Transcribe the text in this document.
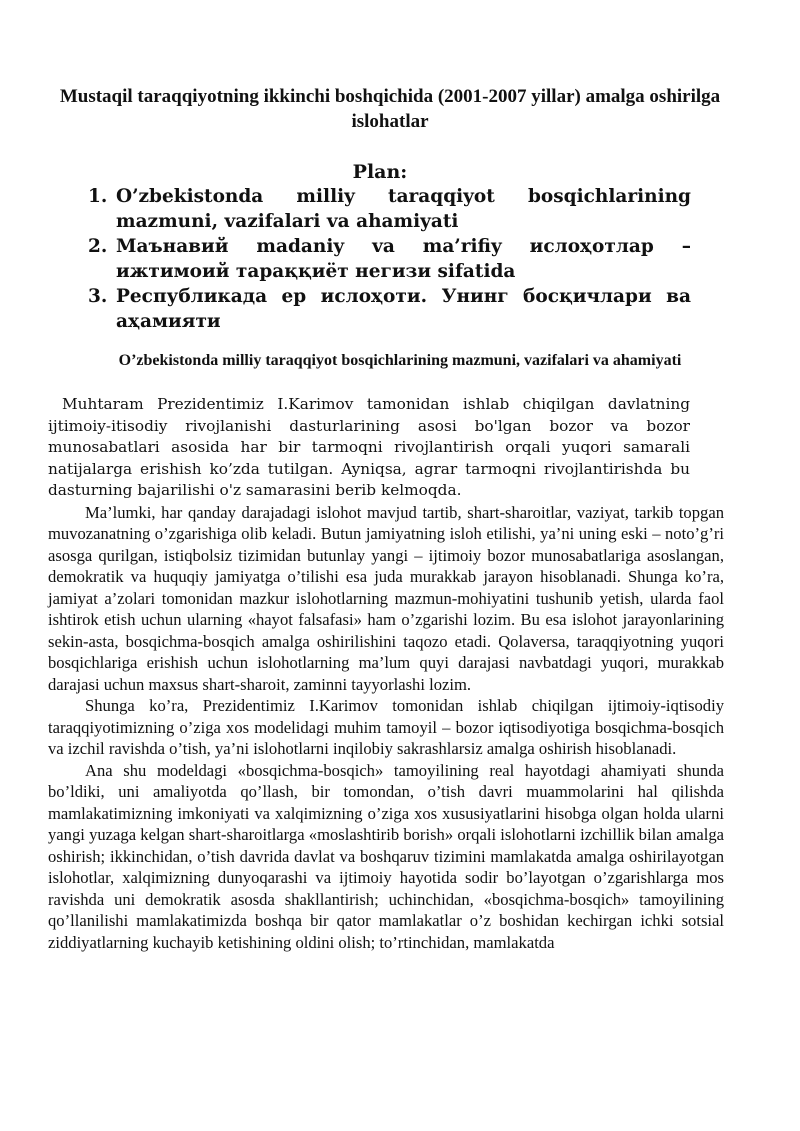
Mustaqil taraqqiyotning ikkinchi boshqichida (2001-2007 yillar) amalga oshirilga islohatlar
Plan:
1. O’zbekistonda milliy taraqqiyot bosqichlarining mazmuni, vazifalari va ahamiyati
2. Маънавий madaniy va ma’rifiy ислоҳотлар – ижтимоий тараққиёт негизи sifatida
3. Республикада ер ислоҳоти. Унинг босқичлари ва аҳамияти
O’zbekistonda milliy taraqqiyot bosqichlarining mazmuni, vazifalari va ahamiyati

Muhtaram Prezidentimiz I.Karimov tamonidan ishlab chiqilgan davlatning ijtimoiy-itisodiy rivojlanishi dasturlarining asosi bo'lgan bozor va bozor munosabatlari asosida har bir tarmoqni rivojlantirish orqali yuqori samarali natijalarga erishish ko’zda tutilgan. Ayniqsa, agrar tarmoqni rivojlantirishda bu dasturning bajarilishi o'z samarasini berib kelmoqda.

Ma’lumki, har qanday darajadagi islohot mavjud tartib, shart-sharoitlar, vaziyat, tarkib topgan muvozanatning o’zgarishiga olib keladi. Butun jamiyatning isloh etilishi, ya’ni uning eski – noto’g’ri asosga qurilgan, istiqbolsiz tizimidan butunlay yangi – ijtimoiy bozor munosabatlariga asoslangan, demokratik va huquqiy jamiyatga o’tilishi esa juda murakkab jarayon hisoblanadi. Shunga ko’ra, jamiyat a’zolari tomonidan mazkur islohotlarning mazmun-mohiyatini tushunib yetish, ularda faol ishtirok etish uchun ularning «hayot falsafasi» ham o’zgarishi lozim. Bu esa islohot jarayonlarining sekin-asta, bosqichma-bosqich amalga oshirilishini taqozo etadi. Qolaversa, taraqqiyotning yuqori bosqichlariga erishish uchun islohotlarning ma’lum quyi darajasi navbatdagi yuqori, murakkab darajasi uchun maxsus shart-sharoit, zaminni tayyorlashi lozim.

Shunga ko’ra, Prezidentimiz I.Karimov tomonidan ishlab chiqilgan ijtimoiy-iqtisodiy taraqqiyotimizning o’ziga xos modelidagi muhim tamoyil – bozor iqtisodiyotiga bosqichma-bosqich va izchil ravishda o’tish, ya’ni islohotlarni inqilobiy sakrashlarsiz amalga oshirish hisoblanadi.

Ana shu modeldagi «bosqichma-bosqich» tamoyilining real hayotdagi ahamiyati shunda bo’ldiki, uni amaliyotda qo’llash, bir tomondan, o’tish davri muammolarini hal qilishda mamlakatimizning imkoniyati va xalqimizning o’ziga xos xususiyatlarini hisobga olgan holda ularni yangi yuzaga kelgan shart-sharoitlarga «moslashtirib borish» orqali islohotlarni izchillik bilan amalga oshirish; ikkinchidan, o’tish davrida davlat va boshqaruv tizimini mamlakatda amalga oshirilayotgan islohotlar, xalqimizning dunyoqarashi va ijtimoiy hayotida sodir bo’layotgan o’zgarishlarga mos ravishda uni demokratik asosda shakllantirish; uchinchidan, «bosqichma-bosqich» tamoyilining qo’llanilishi mamlakatimizda boshqa bir qator mamlakatlar o’z boshidan kechirgan ichki sotsial ziddiyatlarning kuchayib ketishining oldini olish; to’rtinchidan, mamlakatda
